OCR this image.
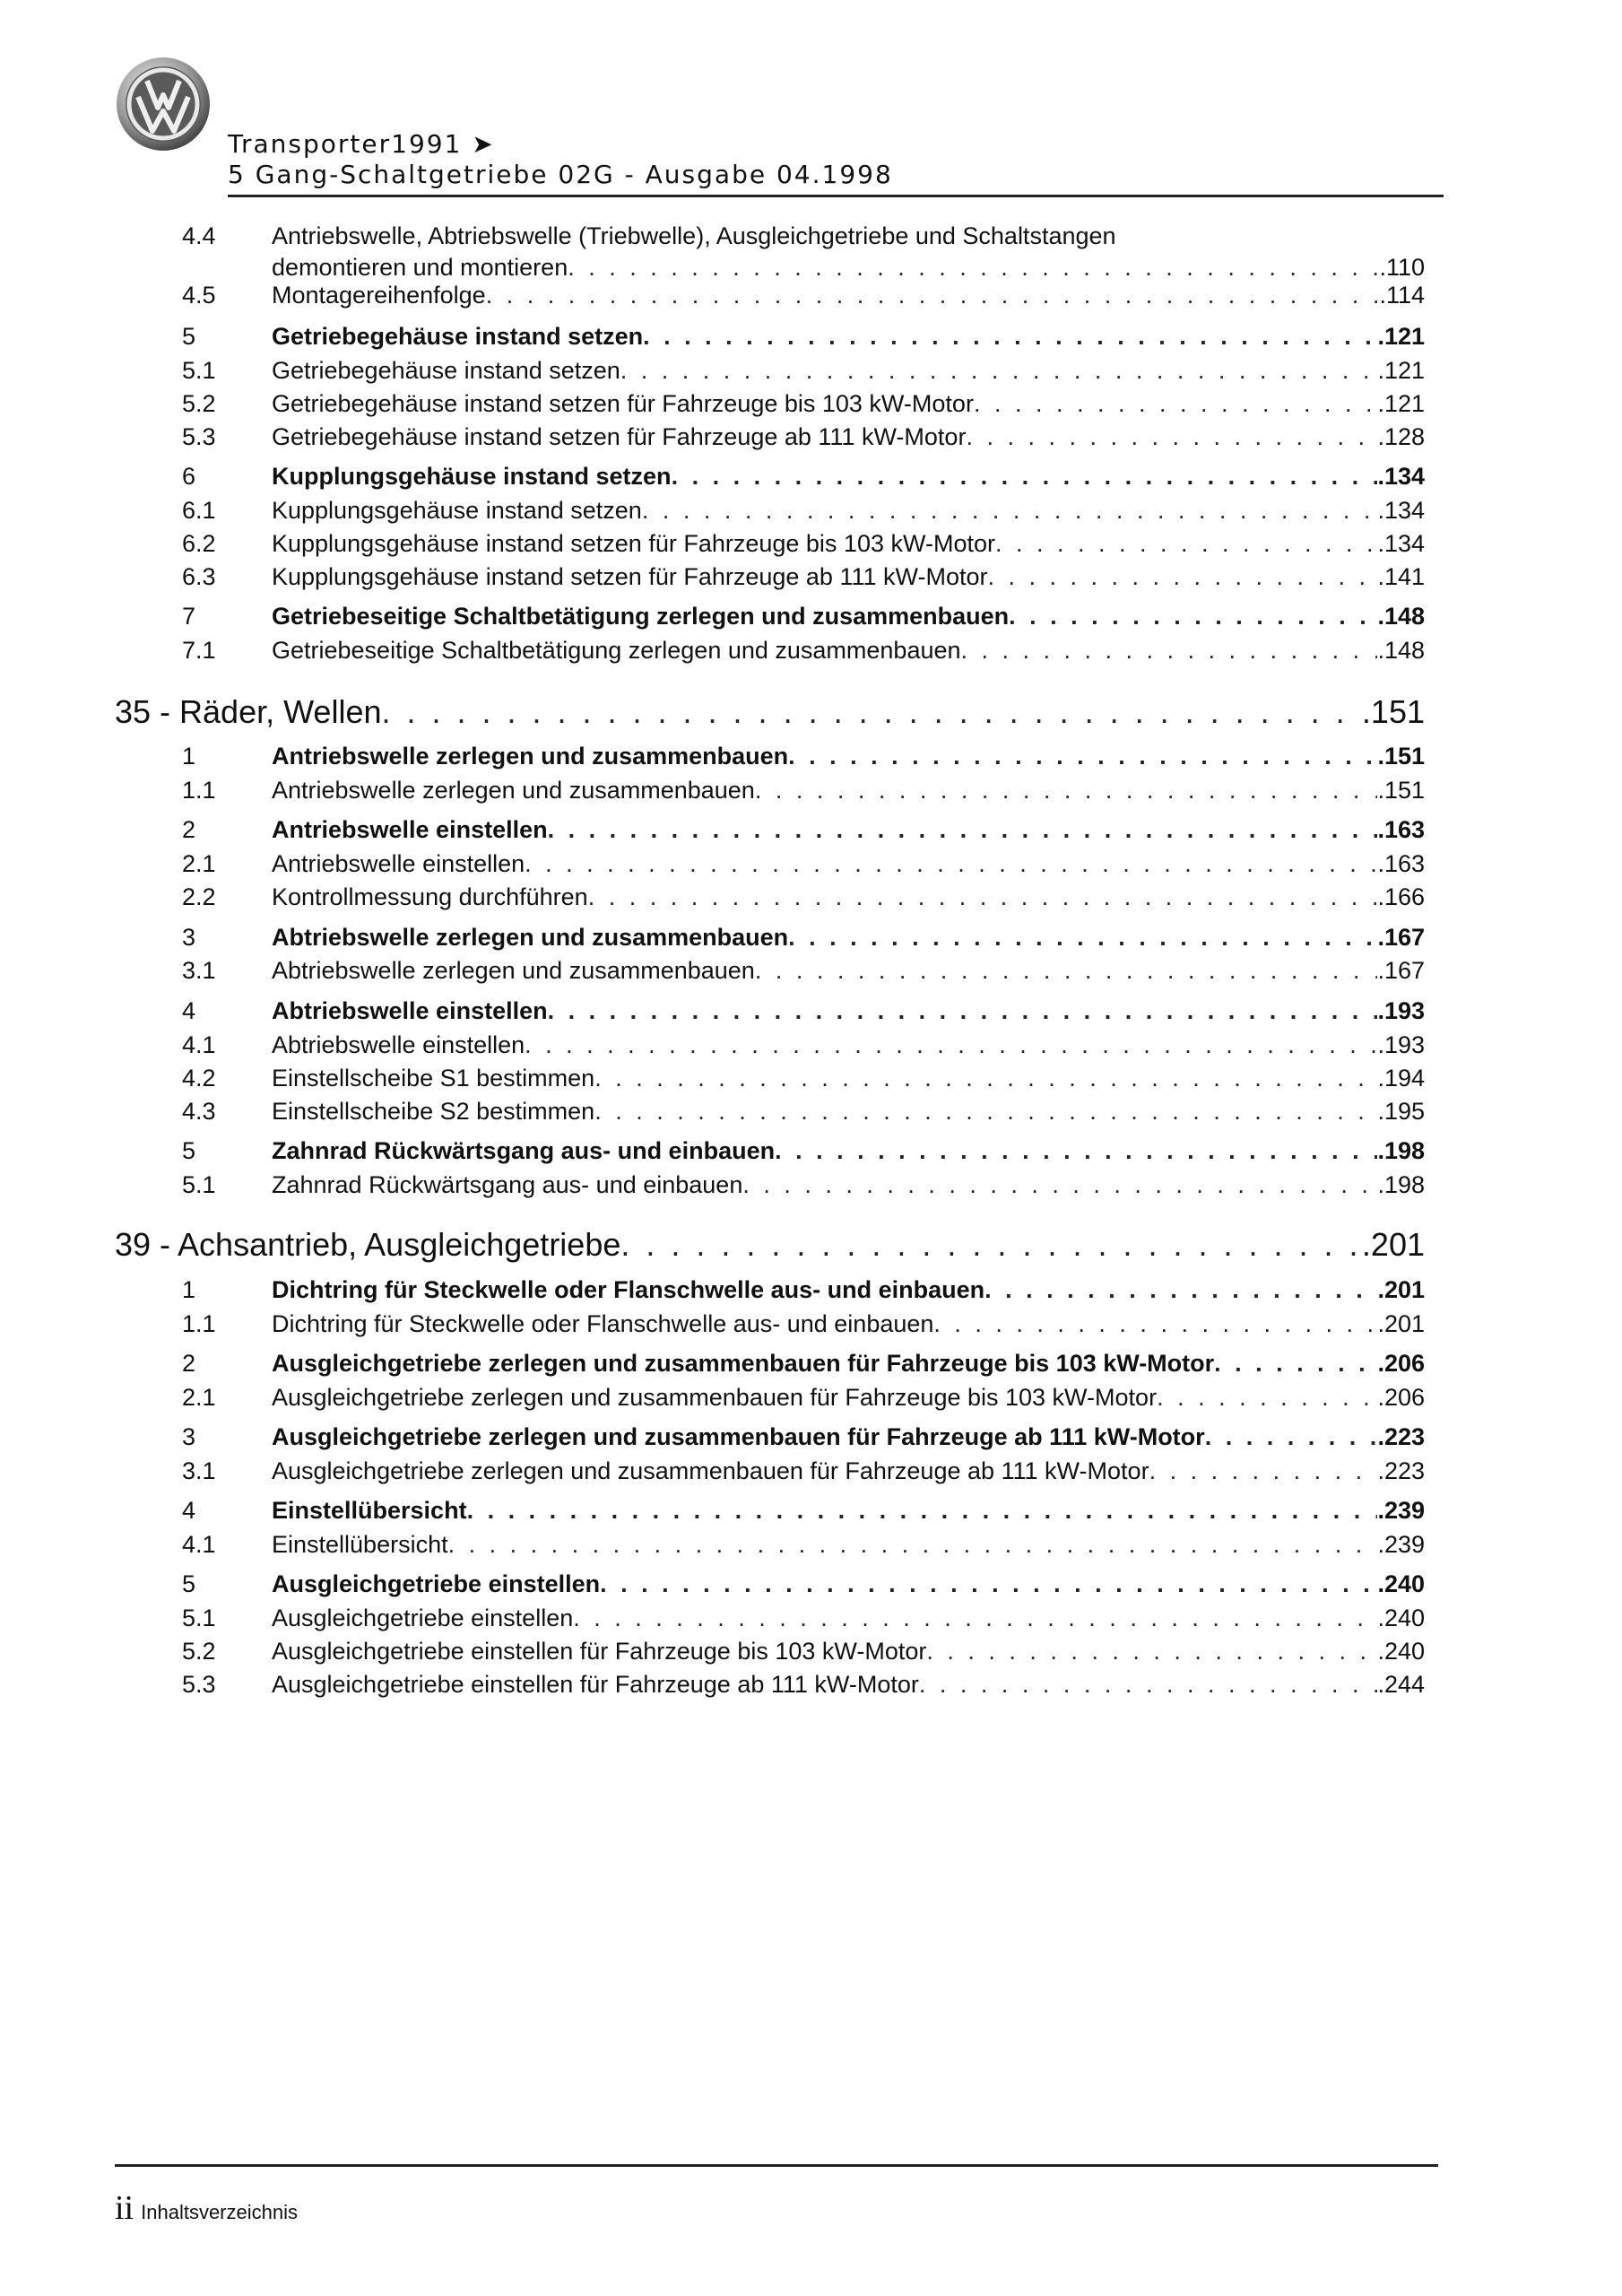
Transporter1991 ➤
5 Gang-Schaltgetriebe 02G - Ausgabe 04.1998
4.4 Antriebswelle, Abtriebswelle (Triebwelle), Ausgleichgetriebe und Schaltstangen
demontieren und montieren . . .	.110
4.5 Montagereihenfolge . . .	.114
5	Getriebegehäuse instand setzen . . .	.121
5.1 Getriebegehäuse instand setzen . . .	.121
5.2 Getriebegehäuse instand setzen für Fahrzeuge bis 103 kW-Motor . . .	.121
5.3 Getriebegehäuse instand setzen für Fahrzeuge ab 111 kW-Motor . . .	.128
6	Kupplungsgehäuse instand setzen . . .	.134
6.1 Kupplungsgehäuse instand setzen . . .	.134
6.2 Kupplungsgehäuse instand setzen für Fahrzeuge bis 103 kW-Motor . . .	.134
6.3 Kupplungsgehäuse instand setzen für Fahrzeuge ab 111 kW-Motor . . .	.141
7	Getriebeseitige Schaltbetätigung zerlegen und zusammenbauen . . .	.148
7.1 Getriebeseitige Schaltbetätigung zerlegen und zusammenbauen . . .	.148
35 - Räder, Wellen . . .	.151
1	Antriebswelle zerlegen und zusammenbauen . . .	.151
1.1 Antriebswelle zerlegen und zusammenbauen . . .	.151
2	Antriebswelle einstellen . . .	.163
2.1 Antriebswelle einstellen . . .	.163
2.2 Kontrollmessung durchführen . . .	.166
3	Abtriebswelle zerlegen und zusammenbauen . . .	.167
3.1 Abtriebswelle zerlegen und zusammenbauen . . .	.167
4	Abtriebswelle einstellen . . .	.193
4.1 Abtriebswelle einstellen . . .	.193
4.2 Einstellscheibe S1 bestimmen . . .	.194
4.3 Einstellscheibe S2 bestimmen . . .	.195
5	Zahnrad Rückwärtsgang aus- und einbauen . . .	.198
5.1 Zahnrad Rückwärtsgang aus- und einbauen . . .	.198
39 - Achsantrieb, Ausgleichgetriebe . . .	.201
1	Dichtring für Steckwelle oder Flanschwelle aus- und einbauen . . .	.201
1.1 Dichtring für Steckwelle oder Flanschwelle aus- und einbauen . . .	.201
2	Ausgleichgetriebe zerlegen und zusammenbauen für Fahrzeuge bis 103 kW-Motor . . .	.206
2.1 Ausgleichgetriebe zerlegen und zusammenbauen für Fahrzeuge bis 103 kW-Motor . . .	.206
3	Ausgleichgetriebe zerlegen und zusammenbauen für Fahrzeuge ab 111 kW-Motor . . .	.223
3.1 Ausgleichgetriebe zerlegen und zusammenbauen für Fahrzeuge ab 111 kW-Motor . . .	.223
4	Einstellübersicht . . .	.239
4.1 Einstellübersicht . . .	.239
5	Ausgleichgetriebe einstellen . . .	.240
5.1 Ausgleichgetriebe einstellen . . .	.240
5.2 Ausgleichgetriebe einstellen für Fahrzeuge bis 103 kW-Motor . . .	.240
5.3 Ausgleichgetriebe einstellen für Fahrzeuge ab 111 kW-Motor . . .	.244
ii Inhaltsverzeichnis
